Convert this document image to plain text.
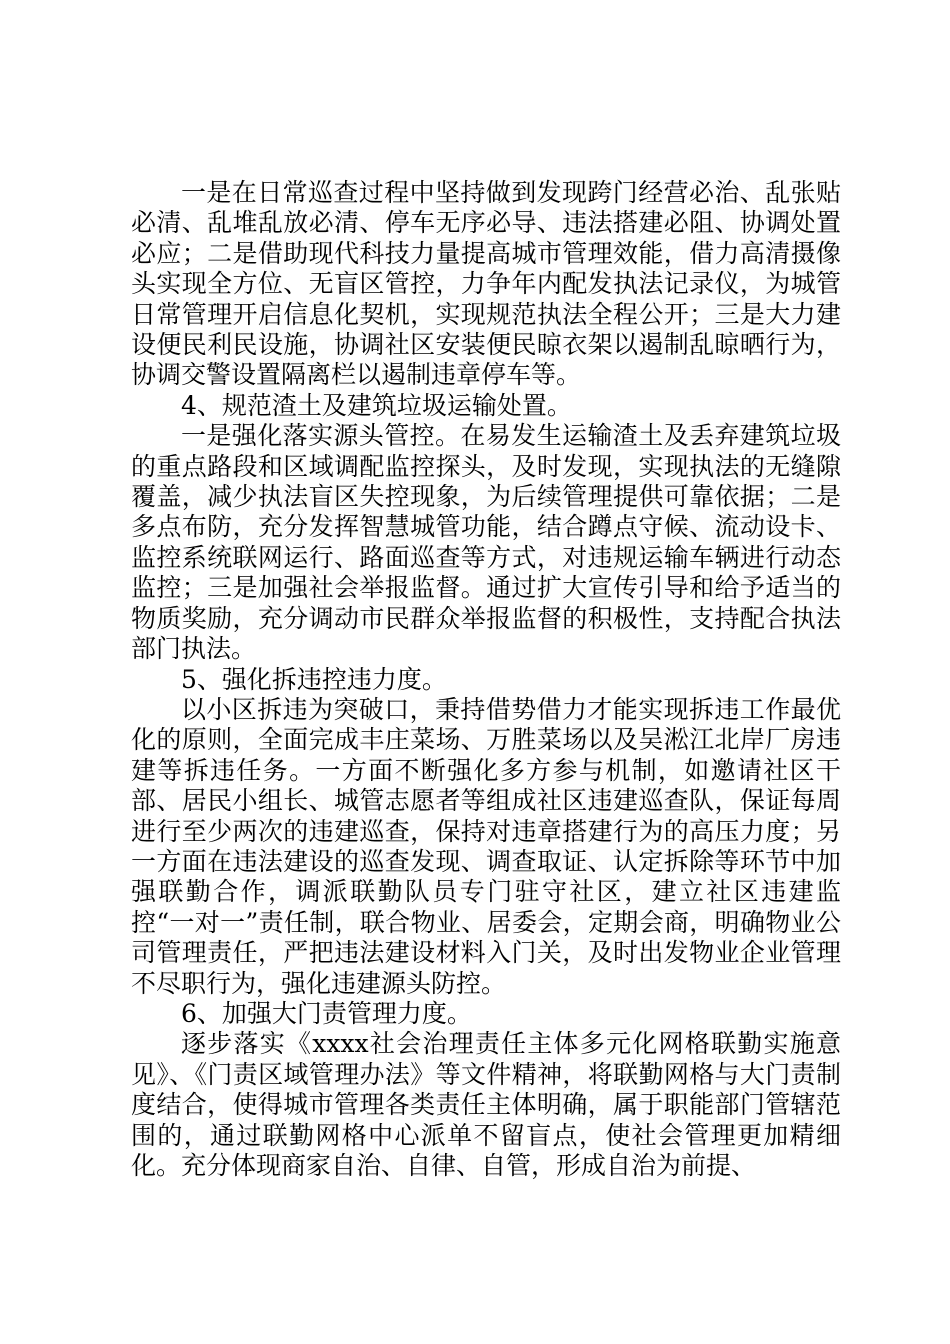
一是在日常巡查过程中坚持做到发现跨门经营必治、乱张贴必清、乱堆乱放必清、停车无序必导、违法搭建必阻、协调处置必应；二是借助现代科技力量提高城市管理效能，借力高清摄像头实现全方位、无盲区管控，力争年内配发执法记录仪，为城管日常管理开启信息化契机，实现规范执法全程公开；三是大力建设便民利民设施，协调社区安装便民晾衣架以遏制乱晾晒行为，协调交警设置隔离栏以遏制违章停车等。

4、规范渣土及建筑垃圾运输处置。

一是强化落实源头管控。在易发生运输渣土及丢弃建筑垃圾的重点路段和区域调配监控探头，及时发现，实现执法的无缝隙覆盖，减少执法盲区失控现象，为后续管理提供可靠依据；二是多点布防，充分发挥智慧城管功能，结合蹲点守候、流动设卡、监控系统联网运行、路面巡查等方式，对违规运输车辆进行动态监控；三是加强社会举报监督。通过扩大宣传引导和给予适当的物质奖励，充分调动市民群众举报监督的积极性，支持配合执法部门执法。

5、强化拆违控违力度。

以小区拆违为突破口，秉持借势借力才能实现拆违工作最优化的原则，全面完成丰庄菜场、万胜菜场以及吴淞江北岸厂房违建等拆违任务。一方面不断强化多方参与机制，如邀请社区干部、居民小组长、城管志愿者等组成社区违建巡查队，保证每周进行至少两次的违建巡查，保持对违章搭建行为的高压力度；另一方面在违法建设的巡查发现、调查取证、认定拆除等环节中加强联勤合作，调派联勤队员专门驻守社区，建立社区违建监控“一对一”责任制，联合物业、居委会，定期会商，明确物业公司管理责任，严把违法建设材料入门关，及时出发物业企业管理不尽职行为，强化违建源头防控。

6、加强大门责管理力度。

逐步落实《xxxx社会治理责任主体多元化网格联勤实施意见》、《门责区域管理办法》等文件精神，将联勤网格与大门责制度结合，使得城市管理各类责任主体明确，属于职能部门管辖范围的，通过联勤网格中心派单不留盲点，使社会管理更加精细化。充分体现商家自治、自律、自管，形成自治为前提、
